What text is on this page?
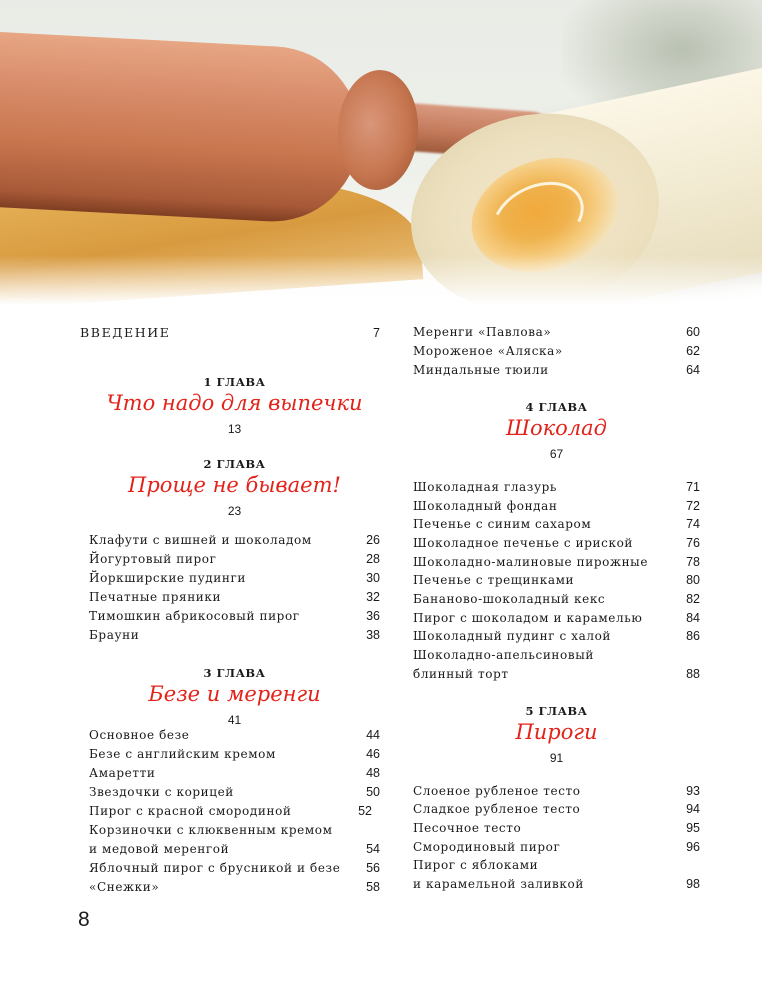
ВВЕДЕНИЕ	7
1 ГЛАВА
Что надо для выпечки
13
2 ГЛАВА
Проще не бывает!
23
Клафути с вишней и шоколадом	26
Йогуртовый пирог	28
Йоркширские пудинги	30
Печатные пряники	32
Тимошкин абрикосовый пирог	36
Брауни	38
3 ГЛАВА
Безе и меренги
41
Основное безе	44
Безе с английским кремом	46
Амаретти	48
Звездочки с корицей	50
Пирог с красной смородиной	52
Корзиночки с клюквенным кремом
и медовой меренгой	54
Яблочный пирог с брусникой и безе 56
«Снежки»	58
Меренги «Павлова»	60
Мороженое «Аляска»	62
Миндальные тюили	64
4 ГЛАВА
Шоколад
67
Шоколадная глазурь	71
Шоколадный фондан	72
Печенье с синим сахаром	74
Шоколадное печенье с ириской	76
Шоколадно-малиновые пирожные	78
Печенье с трещинками	80
Бананово-шоколадный кекс	82
Пирог с шоколадом и карамелью	84
Шоколадный пудинг с халой	86
Шоколадно-апельсиновый
блинный торт	88
5 ГЛАВА
Пироги
91
Слоеное рубленое тесто	93
Сладкое рубленое тесто	94
Песочное тесто	95
Смородиновый пирог	96
Пирог с яблоками
и карамельной заливкой	98
8
